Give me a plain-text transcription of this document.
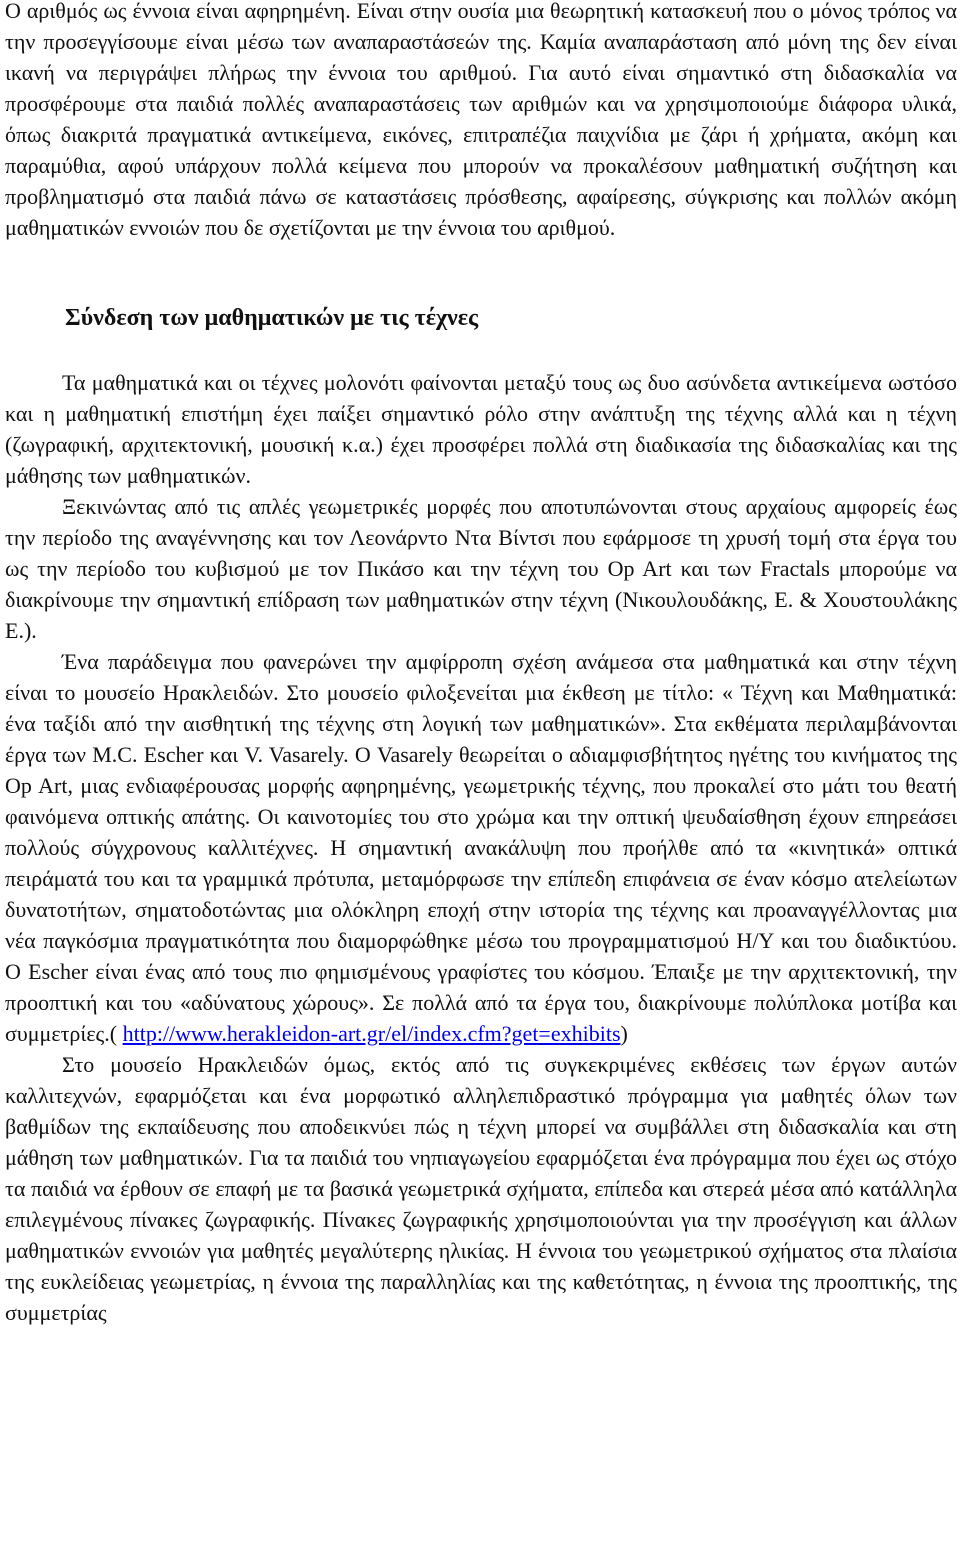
Ο αριθμός ως έννοια είναι αφηρημένη. Είναι στην ουσία μια θεωρητική κατασκευή που ο μόνος τρόπος να την προσεγγίσουμε είναι μέσω των αναπαραστάσεών της. Καμία αναπαράσταση από μόνη της δεν είναι ικανή να περιγράψει πλήρως την έννοια του αριθμού. Για αυτό είναι σημαντικό στη διδασκαλία να προσφέρουμε στα παιδιά πολλές αναπαραστάσεις των αριθμών και να χρησιμοποιούμε διάφορα υλικά, όπως διακριτά πραγματικά αντικείμενα, εικόνες, επιτραπέζια παιχνίδια με ζάρι ή χρήματα, ακόμη και παραμύθια, αφού υπάρχουν πολλά κείμενα που μπορούν να προκαλέσουν μαθηματική συζήτηση και προβληματισμό στα παιδιά πάνω σε καταστάσεις πρόσθεσης, αφαίρεσης, σύγκρισης και πολλών ακόμη μαθηματικών εννοιών που δε σχετίζονται με την έννοια του αριθμού.

Σύνδεση των μαθηματικών με τις τέχνες

Τα μαθηματικά και οι τέχνες μολονότι φαίνονται μεταξύ τους ως δυο ασύνδετα αντικείμενα ωστόσο και η μαθηματική επιστήμη έχει παίξει σημαντικό ρόλο στην ανάπτυξη της τέχνης αλλά και η τέχνη (ζωγραφική, αρχιτεκτονική, μουσική κ.α.) έχει προσφέρει πολλά στη διαδικασία της διδασκαλίας και της μάθησης των μαθηματικών.

Ξεκινώντας από τις απλές γεωμετρικές μορφές που αποτυπώνονται στους αρχαίους αμφορείς έως την περίοδο της αναγέννησης και τον Λεονάρντο Ντα Βίντσι που εφάρμοσε τη χρυσή τομή στα έργα του ως την περίοδο του κυβισμού με τον Πικάσο και την τέχνη του Op Art και των Fractals μπορούμε να διακρίνουμε την σημαντική επίδραση των μαθηματικών στην τέχνη (Νικουλουδάκης, Ε. & Χουστουλάκης Ε.).

Ένα παράδειγμα που φανερώνει την αμφίρροπη σχέση ανάμεσα στα μαθηματικά και στην τέχνη είναι το μουσείο Ηρακλειδών. Στο μουσείο φιλοξενείται μια έκθεση με τίτλο: « Τέχνη και Μαθηματικά: ένα ταξίδι από την αισθητική της τέχνης στη λογική των μαθηματικών». Στα εκθέματα περιλαμβάνονται έργα των M.C. Escher και V. Vasarely. Ο Vasarely θεωρείται ο αδιαμφισβήτητος ηγέτης του κινήματος της Op Art, μιας ενδιαφέρουσας μορφής αφηρημένης, γεωμετρικής τέχνης, που προκαλεί στο μάτι του θεατή φαινόμενα οπτικής απάτης. Οι καινοτομίες του στο χρώμα και την οπτική ψευδαίσθηση έχουν επηρεάσει πολλούς σύγχρονους καλλιτέχνες. Η σημαντική ανακάλυψη που προήλθε από τα «κινητικά» οπτικά πειράματά του και τα γραμμικά πρότυπα, μεταμόρφωσε την επίπεδη επιφάνεια σε έναν κόσμο ατελείωτων δυνατοτήτων, σηματοδοτώντας μια ολόκληρη εποχή στην ιστορία της τέχνης και προαναγγέλλοντας μια νέα παγκόσμια πραγματικότητα που διαμορφώθηκε μέσω του προγραμματισμού Η/Υ και του διαδικτύου. Ο Escher είναι ένας από τους πιο φημισμένους γραφίστες του κόσμου. Έπαιξε με την αρχιτεκτονική, την προοπτική και του «αδύνατους χώρους». Σε πολλά από τα έργα του, διακρίνουμε πολύπλοκα μοτίβα και συμμετρίες.( http://www.herakleidon-art.gr/el/index.cfm?get=exhibits)

Στο μουσείο Ηρακλειδών όμως, εκτός από τις συγκεκριμένες εκθέσεις των έργων αυτών καλλιτεχνών, εφαρμόζεται και ένα μορφωτικό αλληλεπιδραστικό πρόγραμμα για μαθητές όλων των βαθμίδων της εκπαίδευσης που αποδεικνύει πώς η τέχνη μπορεί να συμβάλλει στη διδασκαλία και στη μάθηση των μαθηματικών. Για τα παιδιά του νηπιαγωγείου εφαρμόζεται ένα πρόγραμμα που έχει ως στόχο τα παιδιά να έρθουν σε επαφή με τα βασικά γεωμετρικά σχήματα, επίπεδα και στερεά μέσα από κατάλληλα επιλεγμένους πίνακες ζωγραφικής. Πίνακες ζωγραφικής χρησιμοποιούνται για την προσέγγιση και άλλων μαθηματικών εννοιών για μαθητές μεγαλύτερης ηλικίας. Η έννοια του γεωμετρικού σχήματος στα πλαίσια της ευκλείδειας γεωμετρίας, η έννοια της παραλληλίας και της καθετότητας, η έννοια της προοπτικής, της συμμετρίας
